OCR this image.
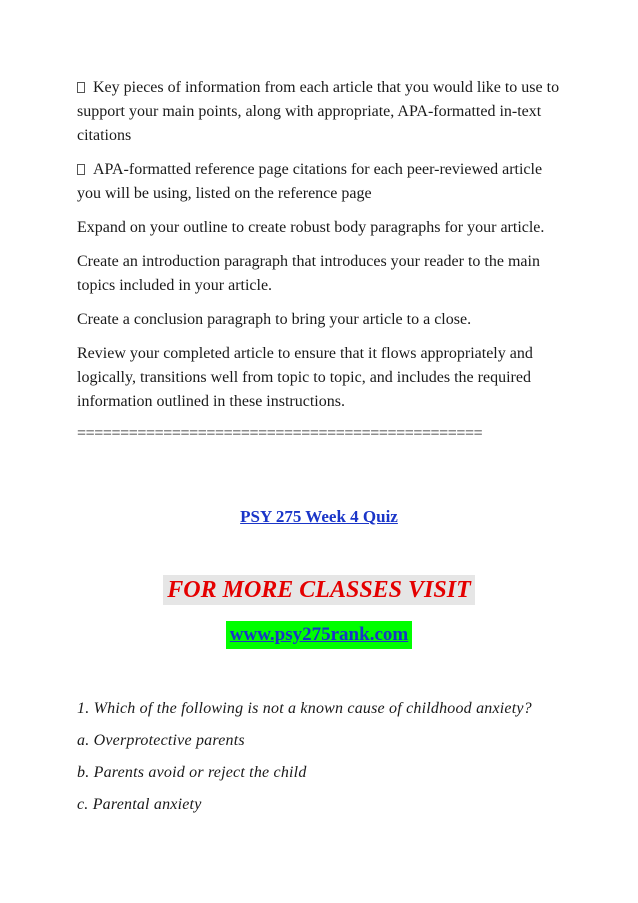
Key pieces of information from each article that you would like to use to support your main points, along with appropriate, APA-formatted in-text citations

APA-formatted reference page citations for each peer-reviewed article you will be using, listed on the reference page

Expand on your outline to create robust body paragraphs for your article.

Create an introduction paragraph that introduces your reader to the main topics included in your article.

Create a conclusion paragraph to bring your article to a close.

Review your completed article to ensure that it flows appropriately and logically, transitions well from topic to topic, and includes the required information outlined in these instructions.

===============================================
PSY 275 Week 4 Quiz
FOR MORE CLASSES VISIT
www.psy275rank.com

1. Which of the following is not a known cause of childhood anxiety?

a. Overprotective parents

b. Parents avoid or reject the child

c. Parental anxiety
